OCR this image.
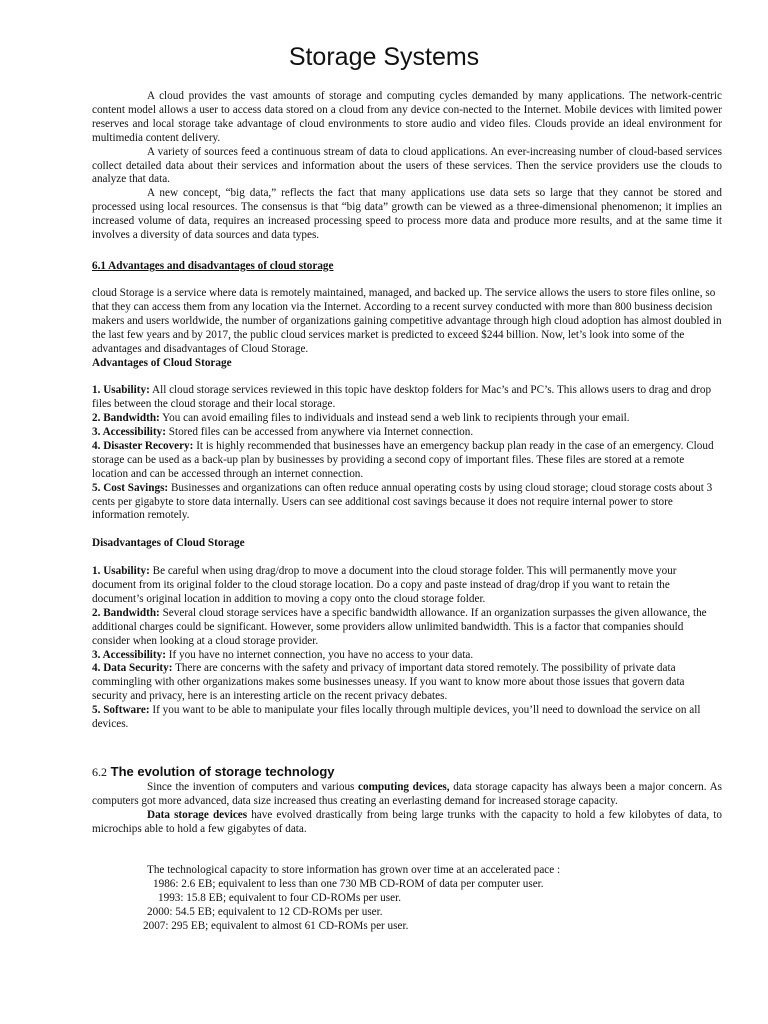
Storage Systems

A cloud provides the vast amounts of storage and computing cycles demanded by many applications. The network-centric content model allows a user to access data stored on a cloud from any device con-nected to the Internet. Mobile devices with limited power reserves and local storage take advantage of cloud environments to store audio and video files. Clouds provide an ideal environment for multimedia content delivery.

A variety of sources feed a continuous stream of data to cloud applications. An ever-increasing number of cloud-based services collect detailed data about their services and information about the users of these services. Then the service providers use the clouds to analyze that data.

A new concept, “big data,” reflects the fact that many applications use data sets so large that they cannot be stored and processed using local resources. The consensus is that “big data” growth can be viewed as a three-dimensional phenomenon; it implies an increased volume of data, requires an increased processing speed to process more data and produce more results, and at the same time it involves a diversity of data sources and data types.

6.1 Advantages and disadvantages of cloud storage

cloud Storage is a service where data is remotely maintained, managed, and backed up. The service allows the users to store files online, so that they can access them from any location via the Internet. According to a recent survey conducted with more than 800 business decision makers and users worldwide, the number of organizations gaining competitive advantage through high cloud adoption has almost doubled in the last few years and by 2017, the public cloud services market is predicted to exceed $244 billion. Now, let’s look into some of the advantages and disadvantages of Cloud Storage.

Advantages of Cloud Storage

1. Usability: All cloud storage services reviewed in this topic have desktop folders for Mac’s and PC’s. This allows users to drag and drop files between the cloud storage and their local storage.

2. Bandwidth: You can avoid emailing files to individuals and instead send a web link to recipients through your email.

3. Accessibility: Stored files can be accessed from anywhere via Internet connection.

4. Disaster Recovery: It is highly recommended that businesses have an emergency backup plan ready in the case of an emergency. Cloud storage can be used as a back-up plan by businesses by providing a second copy of important files. These files are stored at a remote location and can be accessed through an internet connection.

5. Cost Savings: Businesses and organizations can often reduce annual operating costs by using cloud storage; cloud storage costs about 3 cents per gigabyte to store data internally. Users can see additional cost savings because it does not require internal power to store information remotely.

Disadvantages of Cloud Storage

1. Usability: Be careful when using drag/drop to move a document into the cloud storage folder. This will permanently move your document from its original folder to the cloud storage location. Do a copy and paste instead of drag/drop if you want to retain the document’s original location in addition to moving a copy onto the cloud storage folder.

2. Bandwidth: Several cloud storage services have a specific bandwidth allowance. If an organization surpasses the given allowance, the additional charges could be significant. However, some providers allow unlimited bandwidth. This is a factor that companies should consider when looking at a cloud storage provider.

3. Accessibility: If you have no internet connection, you have no access to your data.

4. Data Security: There are concerns with the safety and privacy of important data stored remotely. The possibility of private data commingling with other organizations makes some businesses uneasy. If you want to know more about those issues that govern data security and privacy, here is an interesting article on the recent privacy debates.

5. Software: If you want to be able to manipulate your files locally through multiple devices, you’ll need to download the service on all devices.

6.2 The evolution of storage technology

Since the invention of computers and various computing devices, data storage capacity has always been a major concern. As computers got more advanced, data size increased thus creating an everlasting demand for increased storage capacity.

Data storage devices have evolved drastically from being large trunks with the capacity to hold a few kilobytes of data, to microchips able to hold a few gigabytes of data.

The technological capacity to store information has grown over time at an accelerated pace :

1986: 2.6 EB; equivalent to less than one 730 MB CD-ROM of data per computer user.

1993: 15.8 EB; equivalent to four CD-ROMs per user.

2000: 54.5 EB; equivalent to 12 CD-ROMs per user.

2007: 295 EB; equivalent to almost 61 CD-ROMs per user.
